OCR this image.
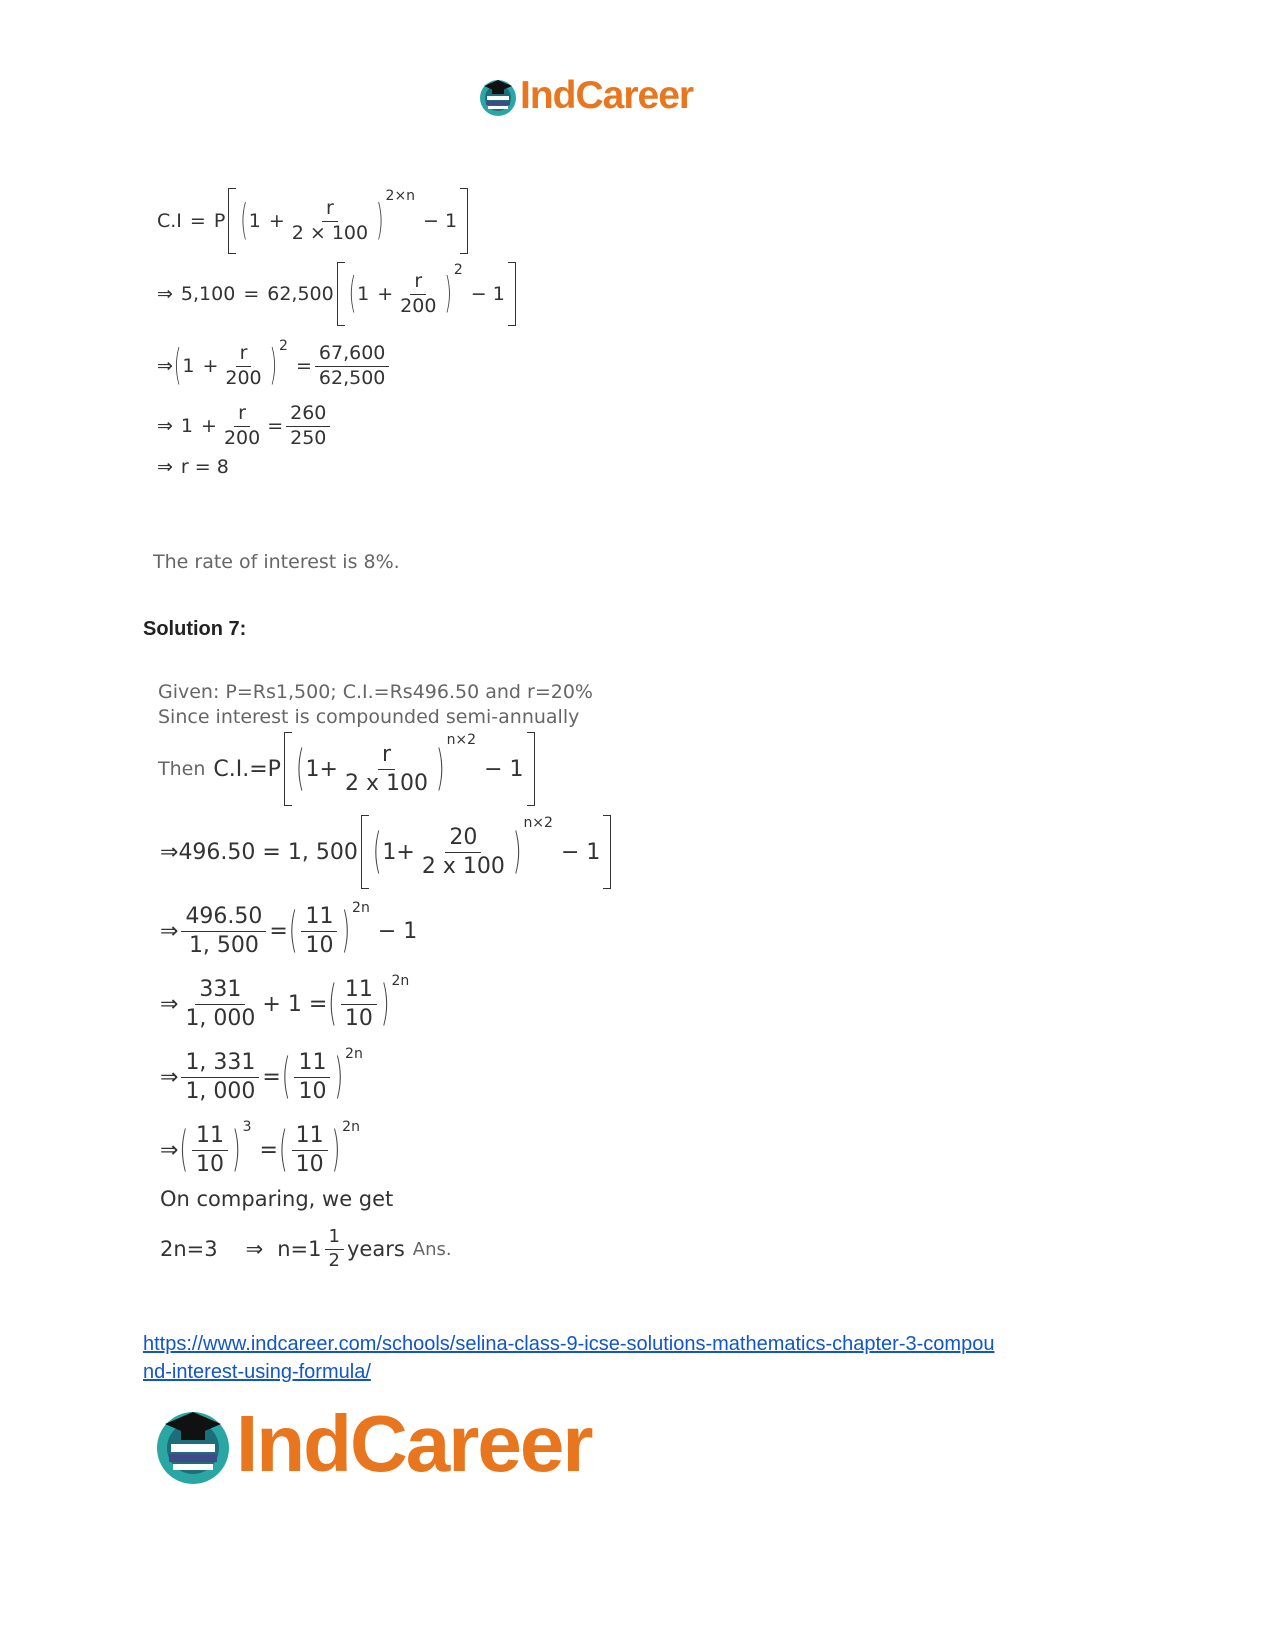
IndCareer
C.I = P ( $1 + \frac{r}{2 \times 100}$ )
2×n
− 1
⇒ 5,100 = 62,500 ( $1 + \frac{r}{200}$ ) 2
− 1
⇒ ( $1 + \frac{r}{200}$ ) 2
= $\frac{67,600}{62,500}$
⇒ $1 + \frac{r}{200} = \frac{260}{250}$
⇒ r = 8
The rate of interest is 8%.
Solution 7:
Given: P=Rs1,500; C.I.=Rs496.50 and r=20%
Since interest is compounded semi-annually
Then C.I. =P ( $1 + \frac{r}{2 x 100}$ )
n×2
− 1
⇒ 496.50 = 1, 500 ( $1 + \frac{20}{2 x 100}$ )
n×2
− 1
⇒ $\frac{496.50}{1, 500}$ = ( $\frac{11}{10}$ ) 2n
− 1
⇒ $\frac{331}{1, 000} + 1$ = ( $\frac{11}{10}$ ) 2n
⇒ $\frac{1, 331}{1, 000}$ = ( $\frac{11}{10}$ ) 2n
⇒ ( $\frac{11}{10}$ ) 3
= ( $\frac{11}{10}$ ) 2n
On comparing, we get
2n=3 ⇒ $n=1 \frac{1}{2}$ years Ans.
https://www.indcareer.com/schools/selina-class-9-icse-solutions-mathematics-chapter-3-compou
nd-interest-using-formula/
IndCareer
